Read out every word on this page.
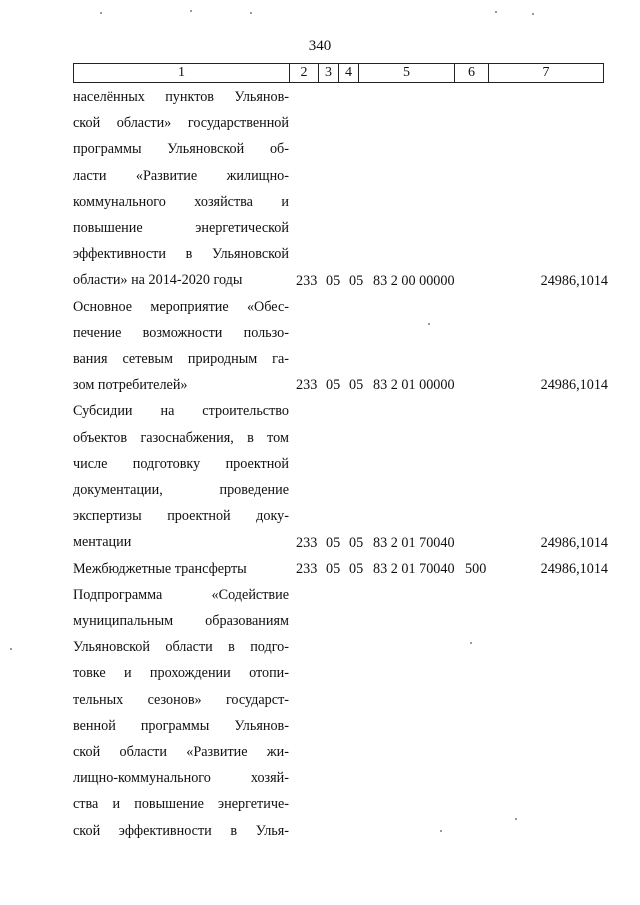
340
1	2	3	4	5	6	7
населённых пунктов Ульянов-
ской области» государственной
программы Ульяновской об-
ласти «Развитие жилищно-
коммунального хозяйства и
повышение энергетической
эффективности в Ульяновской
области» на 2014-2020 годы	233 05 05 83 2 00 00000	24986,1014
Основное мероприятие «Обес-
печение возможности пользо-
вания сетевым природным га-
зом потребителей»	233 05 05 83 2 01 00000	24986,1014
Субсидии на строительство
объектов газоснабжения, в том
числе подготовку проектной
документации, проведение
экспертизы проектной доку-
ментации	233 05 05 83 2 01 70040	24986,1014
Межбюджетные трансферты	233 05 05 83 2 01 70040 500	24986,1014
Подпрограмма «Содействие
муниципальным образованиям
Ульяновской области в подго-
товке и прохождении отопи-
тельных сезонов» государст-
венной программы Ульянов-
ской области «Развитие жи-
лищно-коммунального хозяй-
ства и повышение энергетиче-
ской эффективности в Улья-
